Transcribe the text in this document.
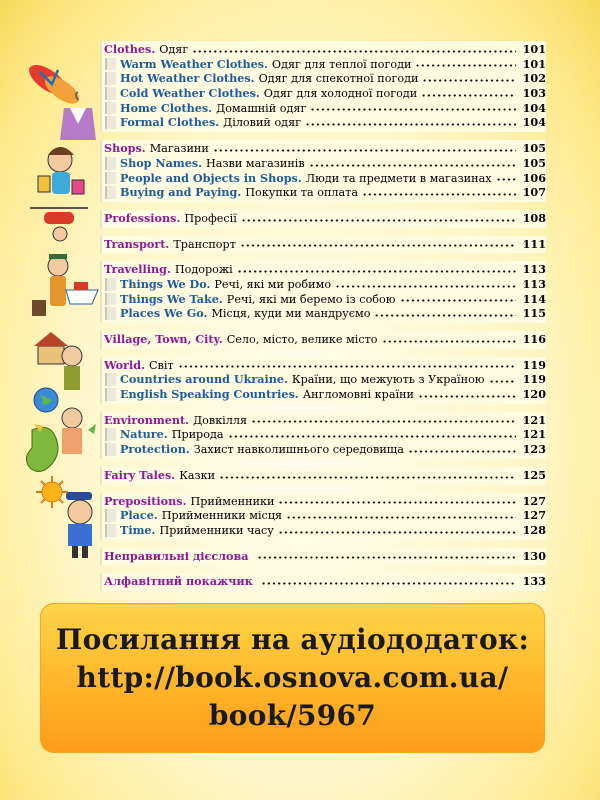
Clothes. Одяг	101
Warm Weather Clothes. Одяг для теплої погоди	101
Hot Weather Clothes. Одяг для спекотної погоди	102
Cold Weather Clothes. Одяг для холодної погоди	103
Home Clothes. Домашній одяг	104
Formal Clothes. Діловий одяг	104
Shops. Магазини	105
Shop Names. Назви магазинів	105
People and Objects in Shops. Люди та предмети в магазинах	106
Buying and Paying. Покупки та оплата	107
Professions. Професії	108
Transport. Транспорт	111
Travelling. Подорожі	113
Things We Do. Речі, які ми робимо	113
Things We Take. Речі, які ми беремо із собою	114
Places We Go. Місця, куди ми мандруємо	115
Village, Town, City. Село, місто, велике місто	116
World. Світ	119
Countries around Ukraine. Країни, що межують з Україною	119
English Speaking Countries. Англомовні країни	120
Environment. Довкілля	121
Nature. Природа	121
Protection. Захист навколишнього середовища	123
Fairy Tales. Казки	125
Prepositions. Прийменники	127
Place. Прийменники місця	127
Time. Прийменники часу	128
Неправильні дієслова	130
Алфавітний покажчик	133
Посилання на аудіододаток:
http://book.osnova.com.ua/
book/5967
